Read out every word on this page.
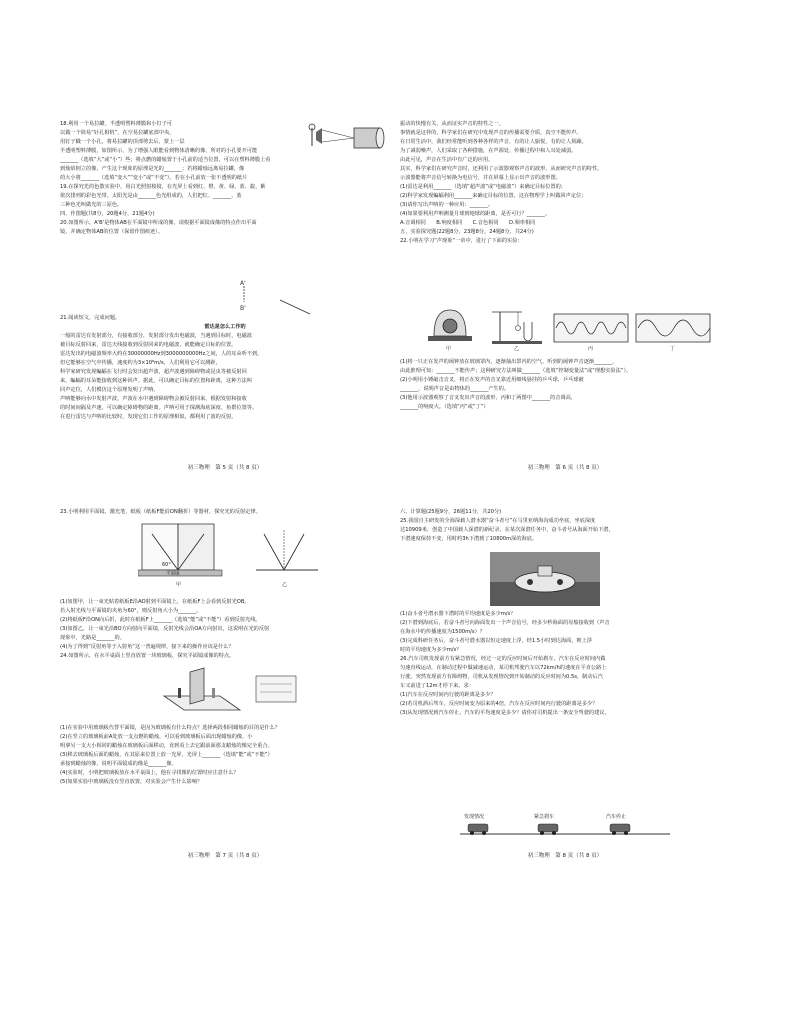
18.利用一个易拉罐，半透明塑料薄膜和小钉子可

以做一个简易“针孔相机”，在空易拉罐底部中央，

用钉子戳一个小孔，将易拉罐的顶部剪去后，蒙上一层

半透明塑料薄膜，如图所示，为了增强人眼能看到物体清晰的像，所对的小孔要开可能

_______（选填“大”或“小”）些；将点燃的蜡烛置于小孔前的适当位置，可以在塑料薄膜上看

到烛焰倒立的像，产生这个现象的原理是光的_______；若将蜡烛远离易拉罐，像

的大小将_______（选填“变大”“变小”或“不变”）。若在小孔前放一张不透明的纸片

19.在探究光的色散实验中，用白光照射棱镜，在光屏上看到红、橙、黄、绿、蓝、靛、紫

依次排列的彩色光带。太阳光是由_______色光组成的，人们把红、_______、蓝

三种色光叫做光的三原色。

四、作图题(共8分，20题4分，21题4分)

20.如图所示，A'B'是物体AB在平面镜中所成的像，请根据平面镜成像的特点作出平面

镜，并确定物体AB的位置（保留作图痕迹）。

A'
B'

21.阅读短文，完成问题。

雷达是怎么工作的

一般的雷达有发射部分，有接收部分，发射部分发出电磁波，当遇到目标时，电磁波

被目标反射回来，雷达天线接收到反射回来的电磁波，就能确定目标的位置。

雷达发出的电磁波频率大约在30000000Hz到3000000000Hz之间，人的耳朵听不到，

但它能够在空气中传播，速度约为3×10⁸m/s，人们利用它可以测距，

科学家研究发现蝙蝠在飞行时会发出超声波，超声波遇到障碍物或昆虫等被反射回

来，蝙蝠的耳朵能接收到这种回声。据此，可以确定目标的位置和距离，这种方法叫

回声定位，人们模仿这个原理发明了声呐。

声呐能够向水中发射声波，声波在水中遇到障碍物会被反射回来，根据发射和接收

的时间间隔及声速，可以确定障碍物的距离。声呐可用于探测海底深度、鱼群位置等。

在进行雷达与声呐的比较时，发现它们工作的原理相似，都利用了波的反射。

初三物理　第 5 页（共 8 页）

振动的快慢有关，从而证实声音的特性之一。

事情就是这样的，科学家们在研究中发现声音的传播需要介质，真空不能传声。

在日常生活中，我们经常能听到各种各样的声音，有的让人愉悦，有的让人烦躁。

为了减弱噪声，人们采取了各种措施，在声源处、传播过程中和人耳处减弱。

由此可见，声音在生活中有广泛的应用。

其实，科学家们在研究声音时，还利用了示波器观察声音的波形，从而研究声音的特性。

示波器能将声音信号转换为电信号，并在屏幕上显示出声音的波形图。

(1)雷达是利用_______（选填“超声波”或“电磁波”）来确定目标位置的；

(2)科学家发现蝙蝠利用_______来确定目标的位置，这在物理学上叫做回声定位；

(3)请你写出声呐的一种应用：_______。

(4)如果要利用声呐测量月球到地球的距离，是否可行？_______。

A.音调相同　　B.响度相同　　C.音色相同　　D.频率相同

五、实验探究题(22题8分，23题8分，24题8分，共24分)

22.小明在学习“声现象”一章中，进行了下面的实验：

甲	乙	丙	丁

(1)将一只正在发声的闹钟放在玻璃罩内，逐渐抽出罩内的空气，听到的闹钟声音逐渐_______，

由此推理可知：_______不能传声；这种研究方法叫做_______（选填“控制变量法”或“理想实验法”）。

(2)小明用小锤敲击音叉，将正在发声的音叉靠近用细线悬挂的乒乓球，乒乓球被

_______，说明声音是由物体的_______产生的。

(3)他用示波器观察了音叉发出声音的波形，丙和丁两图中_______的音调高，

_______的响度大。（选填“丙”或“丁”）

初三物理　第 6 页（共 8 页）

23.小明利用平面镜、激光笔、纸板（纸板F能沿ON翻折）等器材，探究光的反射定律。

60°
平面镜
甲	乙

(1)如图甲，让一束光贴着纸板E沿AO射到平面镜上，在纸板F上会看到反射光OB。

若入射光线与平面镜的夹角为60°，则反射角大小为_______。

(2)将纸板F沿ON向后折，此时在纸板F上_______（选填“能”或“不能”）看到反射光线。

(3)如图乙，让一束光沿BO方向射向平面镜，反射光线会沿OA方向射出，这说明在光的反射

现象中，光路是_______的。

(4)为了得到“反射角等于入射角”这一普遍规律，接下来的操作应该是什么？

24.如图所示，在水平桌面上竖直放置一块玻璃板，探究平面镜成像的特点。

(1)在实验中用玻璃板代替平面镜，是因为玻璃板有什么特点？选择两段相同蜡烛的目的是什么？

(2)在竖立的玻璃板前A处放一支点燃的蜡烛，可以看到玻璃板后面出现蜡烛的像，小

明拿另一支大小相同的蜡烛在玻璃板后面移动，直到看上去它跟前面那支蜡烛的像完全重合。

(3)移去玻璃板后面的蜡烛，在其原来位置上放一光屏，光屏上_______（选填“能”或“不能”）

承接到蜡烛的像，说明平面镜成的像是_______像。

(4)实验时，小明把玻璃板放在水平桌面上，他在寻找像的位置时应注意什么？

(5)如果实验中玻璃板没有竖直放置，对实验会产生什么影响？

初三物理　第 7 页（共 8 页）

六、计算题(25题9分，26题11分，共20分)

25.我国自主研发的全海深载人潜水器“奋斗者号”在马里亚纳海沟成功坐底，坐底深度

达10909米，创造了中国载人深潜的新纪录，在某次深潜任务中，奋斗者号从海面开始下潜，

下潜速度保持不变，用时约3h下潜到了10800m深的海底。

(1)奋斗者号潜水器下潜时的平均速度是多少m/s？

(2)下潜到海底后，若奋斗者号向海面发出一个声音信号，经多少秒海面的母船接收到（声音

在海水中的传播速度为1500m/s）？

(3)完成科研任务后，奋斗者号潜水器以恒定速度上浮，经1.5小时到达海面，则上浮

时的平均速度为多少m/s？

26.汽车司机发现前方有紧急情况，经过一定的反应时间后开始刹车，汽车在反应时间内做

匀速直线运动，在制动过程中做减速运动，某司机驾驶汽车以72km/h的速度在平直公路上

行驶，突然发现前方有障碍物，司机从发现情况到开始制动的反应时间为0.5s，制动后汽

车又前进了12m才停下来。求：

(1)汽车在反应时间内行驶的距离是多少？

(2)若司机酒后驾车，反应时间变为原来的4倍，汽车在反应时间内行驶的距离是多少？

(3)从发现情况到汽车停止，汽车的平均速度是多少？请你对司机提出一条安全驾驶的建议。

发现情况	紧急刹车	汽车停止
初三物理　第 8 页（共 8 页）
